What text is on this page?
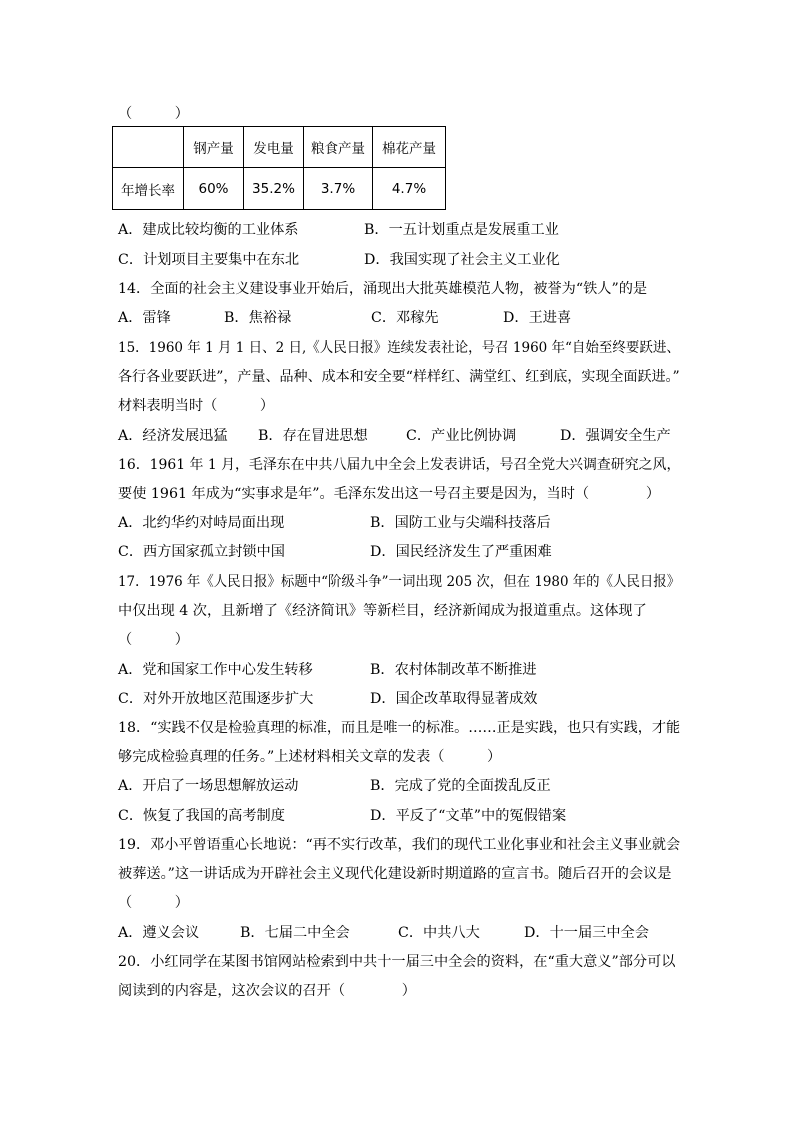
（　　　）
	钢产量	发电量	粮食产量	棉花产量
年增长率	60%	35.2%	3.7%	4.7%
A．建成比较均衡的工业体系	B．一五计划重点是发展重工业
C．计划项目主要集中在东北	D．我国实现了社会主义工业化
14．全面的社会主义建设事业开始后，涌现出大批英雄模范人物，被誉为“铁人”的是
A．雷锋	B．焦裕禄	C．邓稼先	D．王进喜
15．1960 年 1 月 1 日、2 日,《人民日报》连续发表社论，号召 1960 年“自始至终要跃进、
各行各业要跃进”，产量、品种、成本和安全要“样样红、满堂红、红到底，实现全面跃进。”
材料表明当时（　　　）
A．经济发展迅猛 B．存在冒进思想	C．产业比例协调	D．强调安全生产
16．1961 年 1 月，毛泽东在中共八届九中全会上发表讲话，号召全党大兴调查研究之风，
要使 1961 年成为“实事求是年”。毛泽东发出这一号召主要是因为，当时（　　　　）
A．北约华约对峙局面出现	B．国防工业与尖端科技落后
C．西方国家孤立封锁中国	D．国民经济发生了严重困难
17．1976 年《人民日报》标题中“阶级斗争”一词出现 205 次，但在 1980 年的《人民日报》
中仅出现 4 次，且新增了《经济简讯》等新栏目，经济新闻成为报道重点。这体现了
（　　　）
A．党和国家工作中心发生转移	B．农村体制改革不断推进
C．对外开放地区范围逐步扩大	D．国企改革取得显著成效
18．“实践不仅是检验真理的标准，而且是唯一的标准。……正是实践，也只有实践，才能
够完成检验真理的任务。”上述材料相关文章的发表（　　　）
A．开启了一场思想解放运动	B．完成了党的全面拨乱反正
C．恢复了我国的高考制度	D．平反了“文革”中的冤假错案
19．邓小平曾语重心长地说：“再不实行改革，我们的现代工业化事业和社会主义事业就会
被葬送。”这一讲话成为开辟社会主义现代化建设新时期道路的宣言书。随后召开的会议是
（　　　）
A．遵义会议	B．七届二中全会	C．中共八大	D．十一届三中全会
20．小红同学在某图书馆网站检索到中共十一届三中全会的资料，在“重大意义”部分可以
阅读到的内容是，这次会议的召开（　　　　）
